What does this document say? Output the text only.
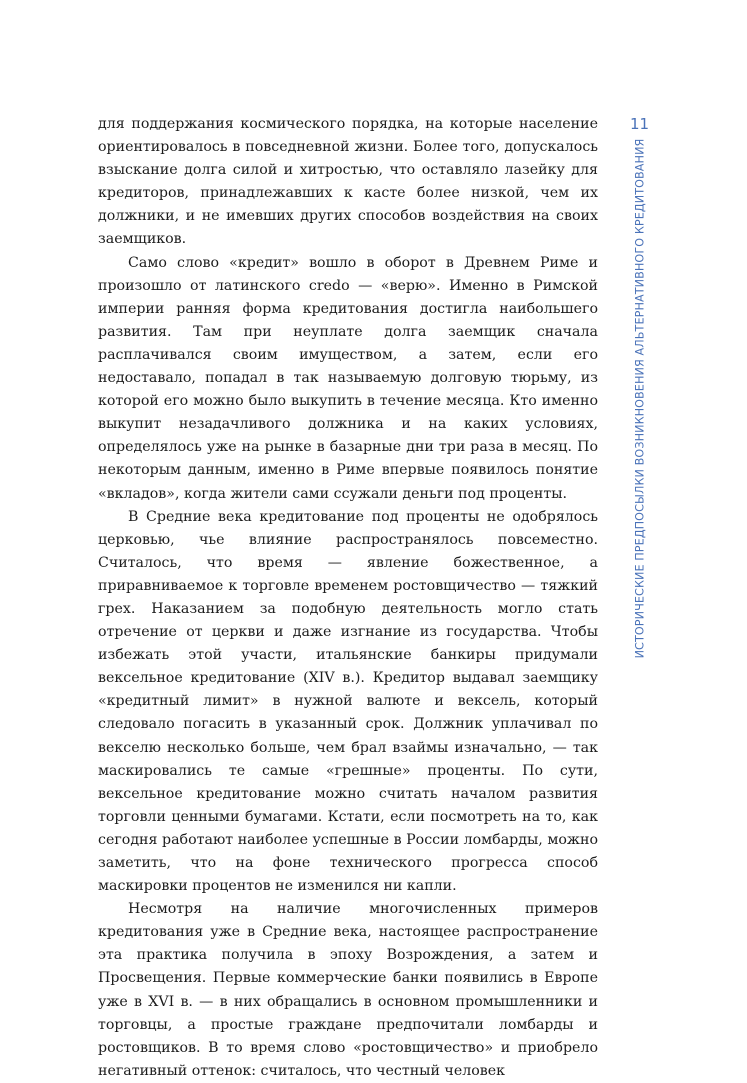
11
ИСТОРИЧЕСКИЕ ПРЕДПОСЫЛКИ ВОЗНИКНОВЕНИЯ АЛЬТЕРНАТИВНОГО КРЕДИТОВАНИЯ

для поддержания космического порядка, на которые население ориентировалось в повседневной жизни. Более того, допускалось взыскание долга силой и хитростью, что оставляло лазейку для кредиторов, принадлежавших к касте более низкой, чем их должники, и не имевших других способов воздействия на своих заемщиков.

Само слово «кредит» вошло в оборот в Древнем Риме и произошло от латинского credo — «верю». Именно в Римской империи ранняя форма кредитования достигла наибольшего развития. Там при неуплате долга заемщик сначала расплачивался своим имуществом, а затем, если его недоставало, попадал в так называемую долговую тюрьму, из которой его можно было выкупить в течение месяца. Кто именно выкупит незадачливого должника и на каких условиях, определялось уже на рынке в базарные дни три раза в месяц. По некоторым данным, именно в Риме впервые появилось понятие «вкладов», когда жители сами ссужали деньги под проценты.

В Средние века кредитование под проценты не одобрялось церковью, чье влияние распространялось повсеместно. Считалось, что время — явление божественное, а приравниваемое к торговле временем ростовщичество — тяжкий грех. Наказанием за подобную деятельность могло стать отречение от церкви и даже изгнание из государства. Чтобы избежать этой участи, итальянские банкиры придумали вексельное кредитование (XIV в.). Кредитор выдавал заемщику «кредитный лимит» в нужной валюте и вексель, который следовало погасить в указанный срок. Должник уплачивал по векселю несколько больше, чем брал взаймы изначально, — так маскировались те самые «грешные» проценты. По сути, вексельное кредитование можно считать началом развития торговли ценными бумагами. Кстати, если посмотреть на то, как сегодня работают наиболее успешные в России ломбарды, можно заметить, что на фоне технического прогресса способ маскировки процентов не изменился ни капли.

Несмотря на наличие многочисленных примеров кредитования уже в Средние века, настоящее распространение эта практика получила в эпоху Возрождения, а затем и Просвещения. Первые коммерческие банки появились в Европе уже в XVI в. — в них обращались в основном промышленники и торговцы, а простые граждане предпочитали ломбарды и ростовщиков. В то время слово «ростовщичество» и приобрело негативный оттенок: считалось, что честный человек
